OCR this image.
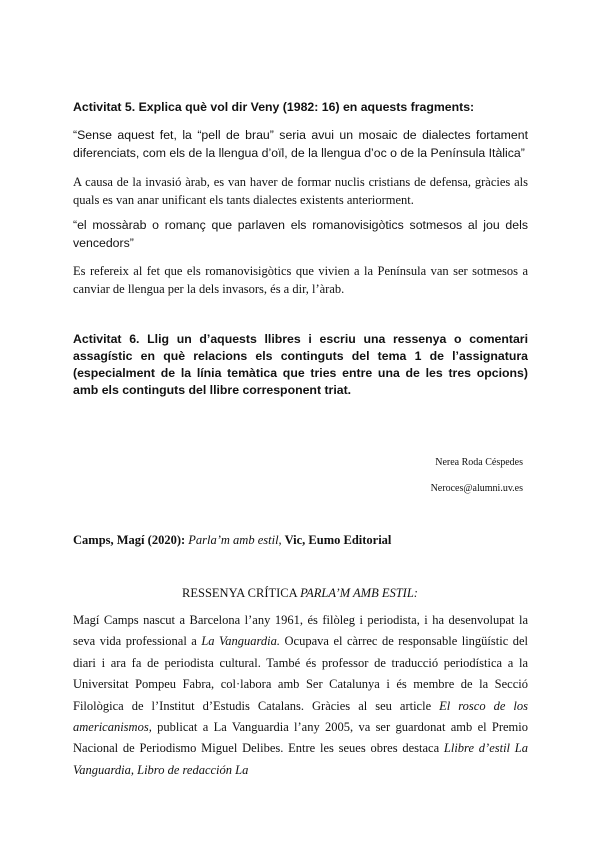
Activitat 5. Explica què vol dir Veny (1982: 16) en aquests fragments:

“Sense aquest fet, la “pell de brau” seria avui un mosaic de dialectes fortament diferenciats, com els de la llengua d’oïl, de la llengua d’oc o de la Península Itàlica”

A causa de la invasió àrab, es van haver de formar nuclis cristians de defensa, gràcies als quals es van anar unificant els tants dialectes existents anteriorment.

“el mossàrab o romanç que parlaven els romanovisigòtics sotmesos al jou dels vencedors”

Es refereix al fet que els romanovisigòtics que vivien a la Península van ser sotmesos a canviar de llengua per la dels invasors, és a dir, l’àrab.

Activitat 6. Llig un d’aquests llibres i escriu una ressenya o comentari assagístic en què relacions els continguts del tema 1 de l’assignatura (especialment de la línia temàtica que tries entre una de les tres opcions) amb els continguts del llibre corresponent triat.

Nerea Roda Céspedes
Neroces@alumni.uv.es

Camps, Magí (2020): Parla’m amb estil, Vic, Eumo Editorial

RESSENYA CRÍTICA PARLA’M AMB ESTIL:

Magí Camps nascut a Barcelona l’any 1961, és filòleg i periodista, i ha desenvolupat la seva vida professional a La Vanguardia. Ocupava el càrrec de responsable lingüístic del diari i ara fa de periodista cultural. També és professor de traducció periodística a la Universitat Pompeu Fabra, col·labora amb Ser Catalunya i és membre de la Secció Filològica de l’Institut d’Estudis Catalans. Gràcies al seu article El rosco de los americanismos, publicat a La Vanguardia l’any 2005, va ser guardonat amb el Premio Nacional de Periodismo Miguel Delibes. Entre les seues obres destaca Llibre d’estil La Vanguardia, Libro de redacción La
